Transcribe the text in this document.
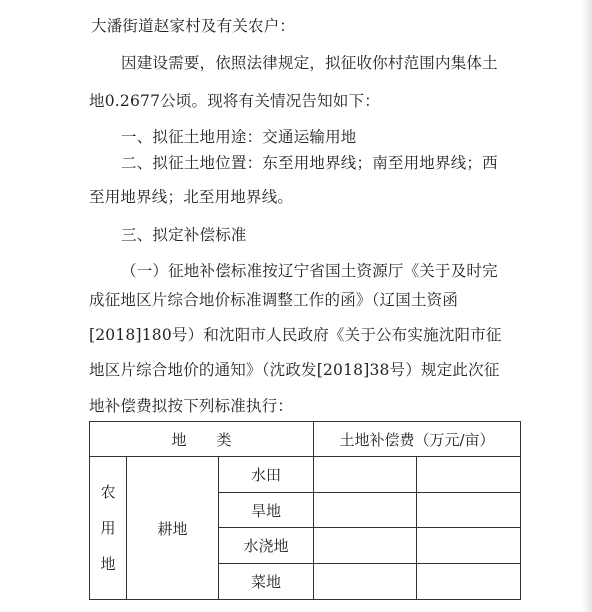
大潘街道赵家村及有关农户：
因建设需要，依照法律规定，拟征收你村范围内集体土
地0.2677公顷。现将有关情况告知如下：
一、拟征土地用途：交通运输用地
二、拟征土地位置：东至用地界线；南至用地界线；西
至用地界线；北至用地界线。
三、拟定补偿标准
（一）征地补偿标准按辽宁省国土资源厅《关于及时完
成征地区片综合地价标准调整工作的函》（辽国土资函
[2018]180号）和沈阳市人民政府《关于公布实施沈阳市征
地区片综合地价的通知》（沈政发[2018]38号）规定此次征
地补偿费拟按下列标准执行：
地　　类			土地补偿费（万元/亩）	
农
用
地	耕地	水田		
		旱地		
		水浇地		
		菜地		
